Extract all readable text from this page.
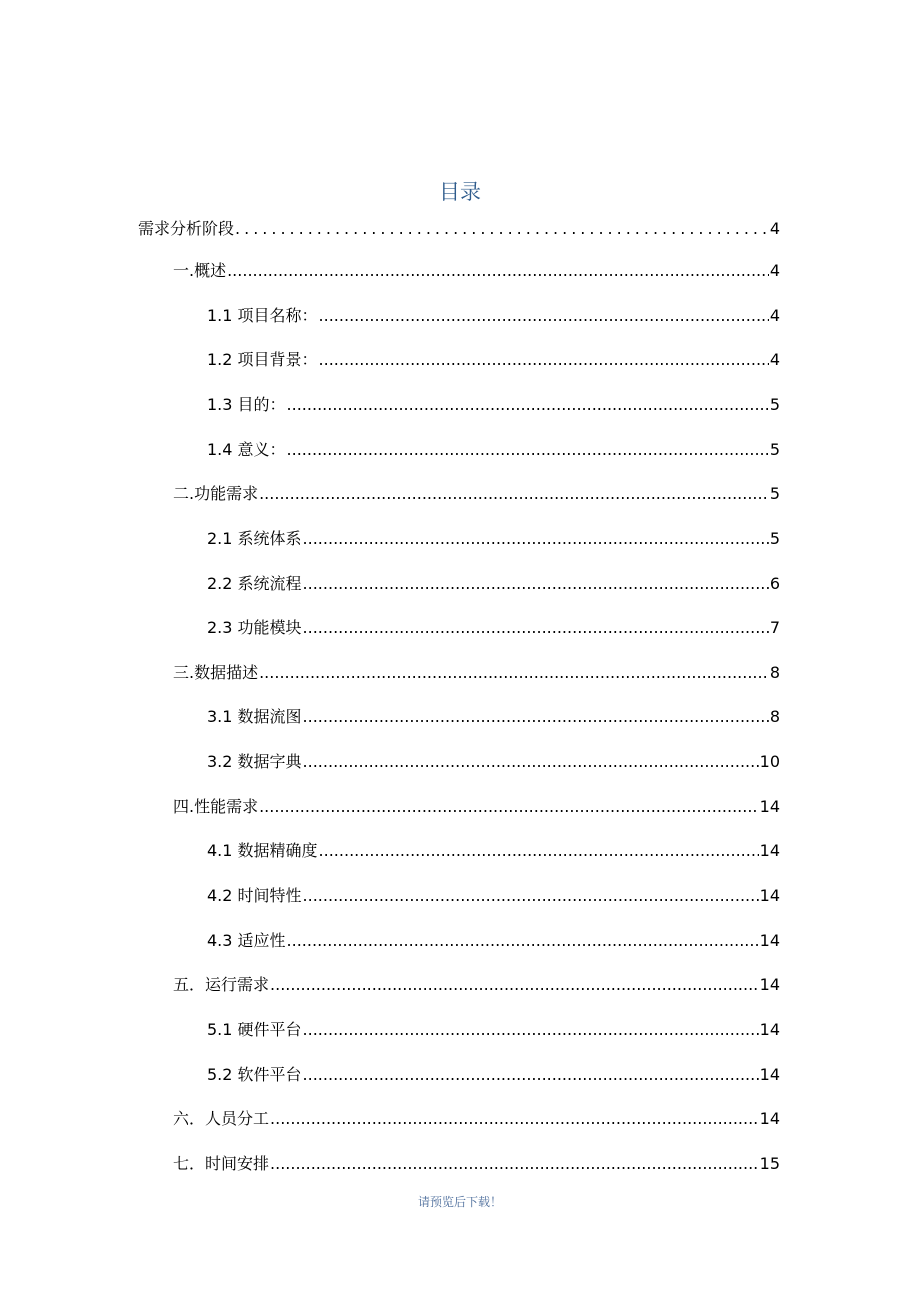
目录
需求分析阶段 .....	4
一.概述 .....	4
1.1 项目名称： .....	4
1.2 项目背景： .....	4
1.3 目的： .....	5
1.4 意义： .....	5
二.功能需求 .....	5
2.1 系统体系 .....	5
2.2 系统流程 .....	6
2.3 功能模块 .....	7
三.数据描述 .....	8
3.1 数据流图 .....	8
3.2 数据字典 .....	10
四.性能需求 .....	14
4.1 数据精确度 .....	14
4.2 时间特性 .....	14
4.3 适应性 .....	14
五．运行需求 .....	14
5.1 硬件平台 .....	14
5.2 软件平台 .....	14
六．人员分工 .....	14
七．时间安排 .....	15
请预览后下载！
